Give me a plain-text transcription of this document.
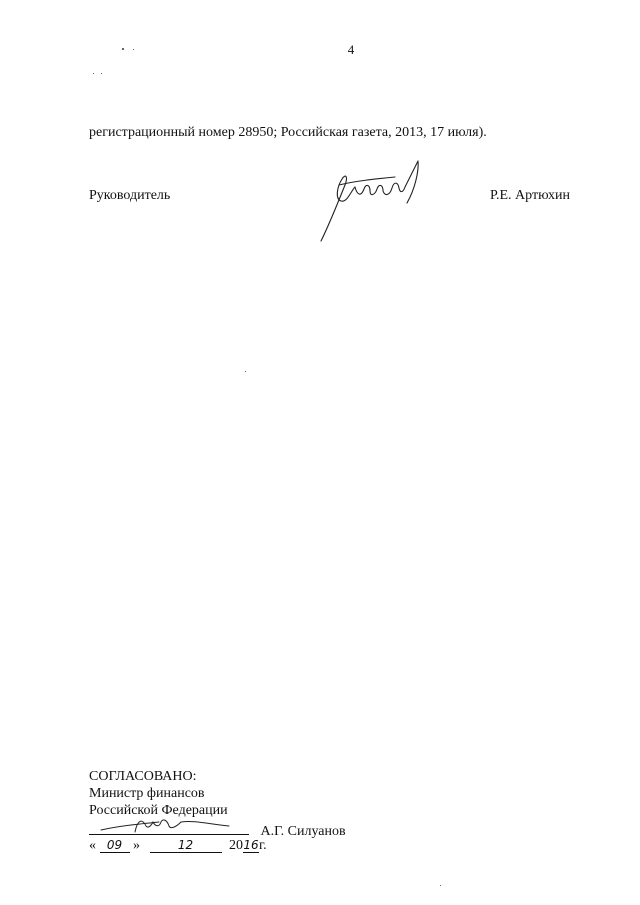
4
регистрационный номер 28950; Российская газета, 2013, 17 июля).
Руководитель	Р.Е. Артюхин
СОГЛАСОВАНО:
Министр финансов
Российской Федерации
А.Г. Силуанов
« 09 »	12	2016г.
